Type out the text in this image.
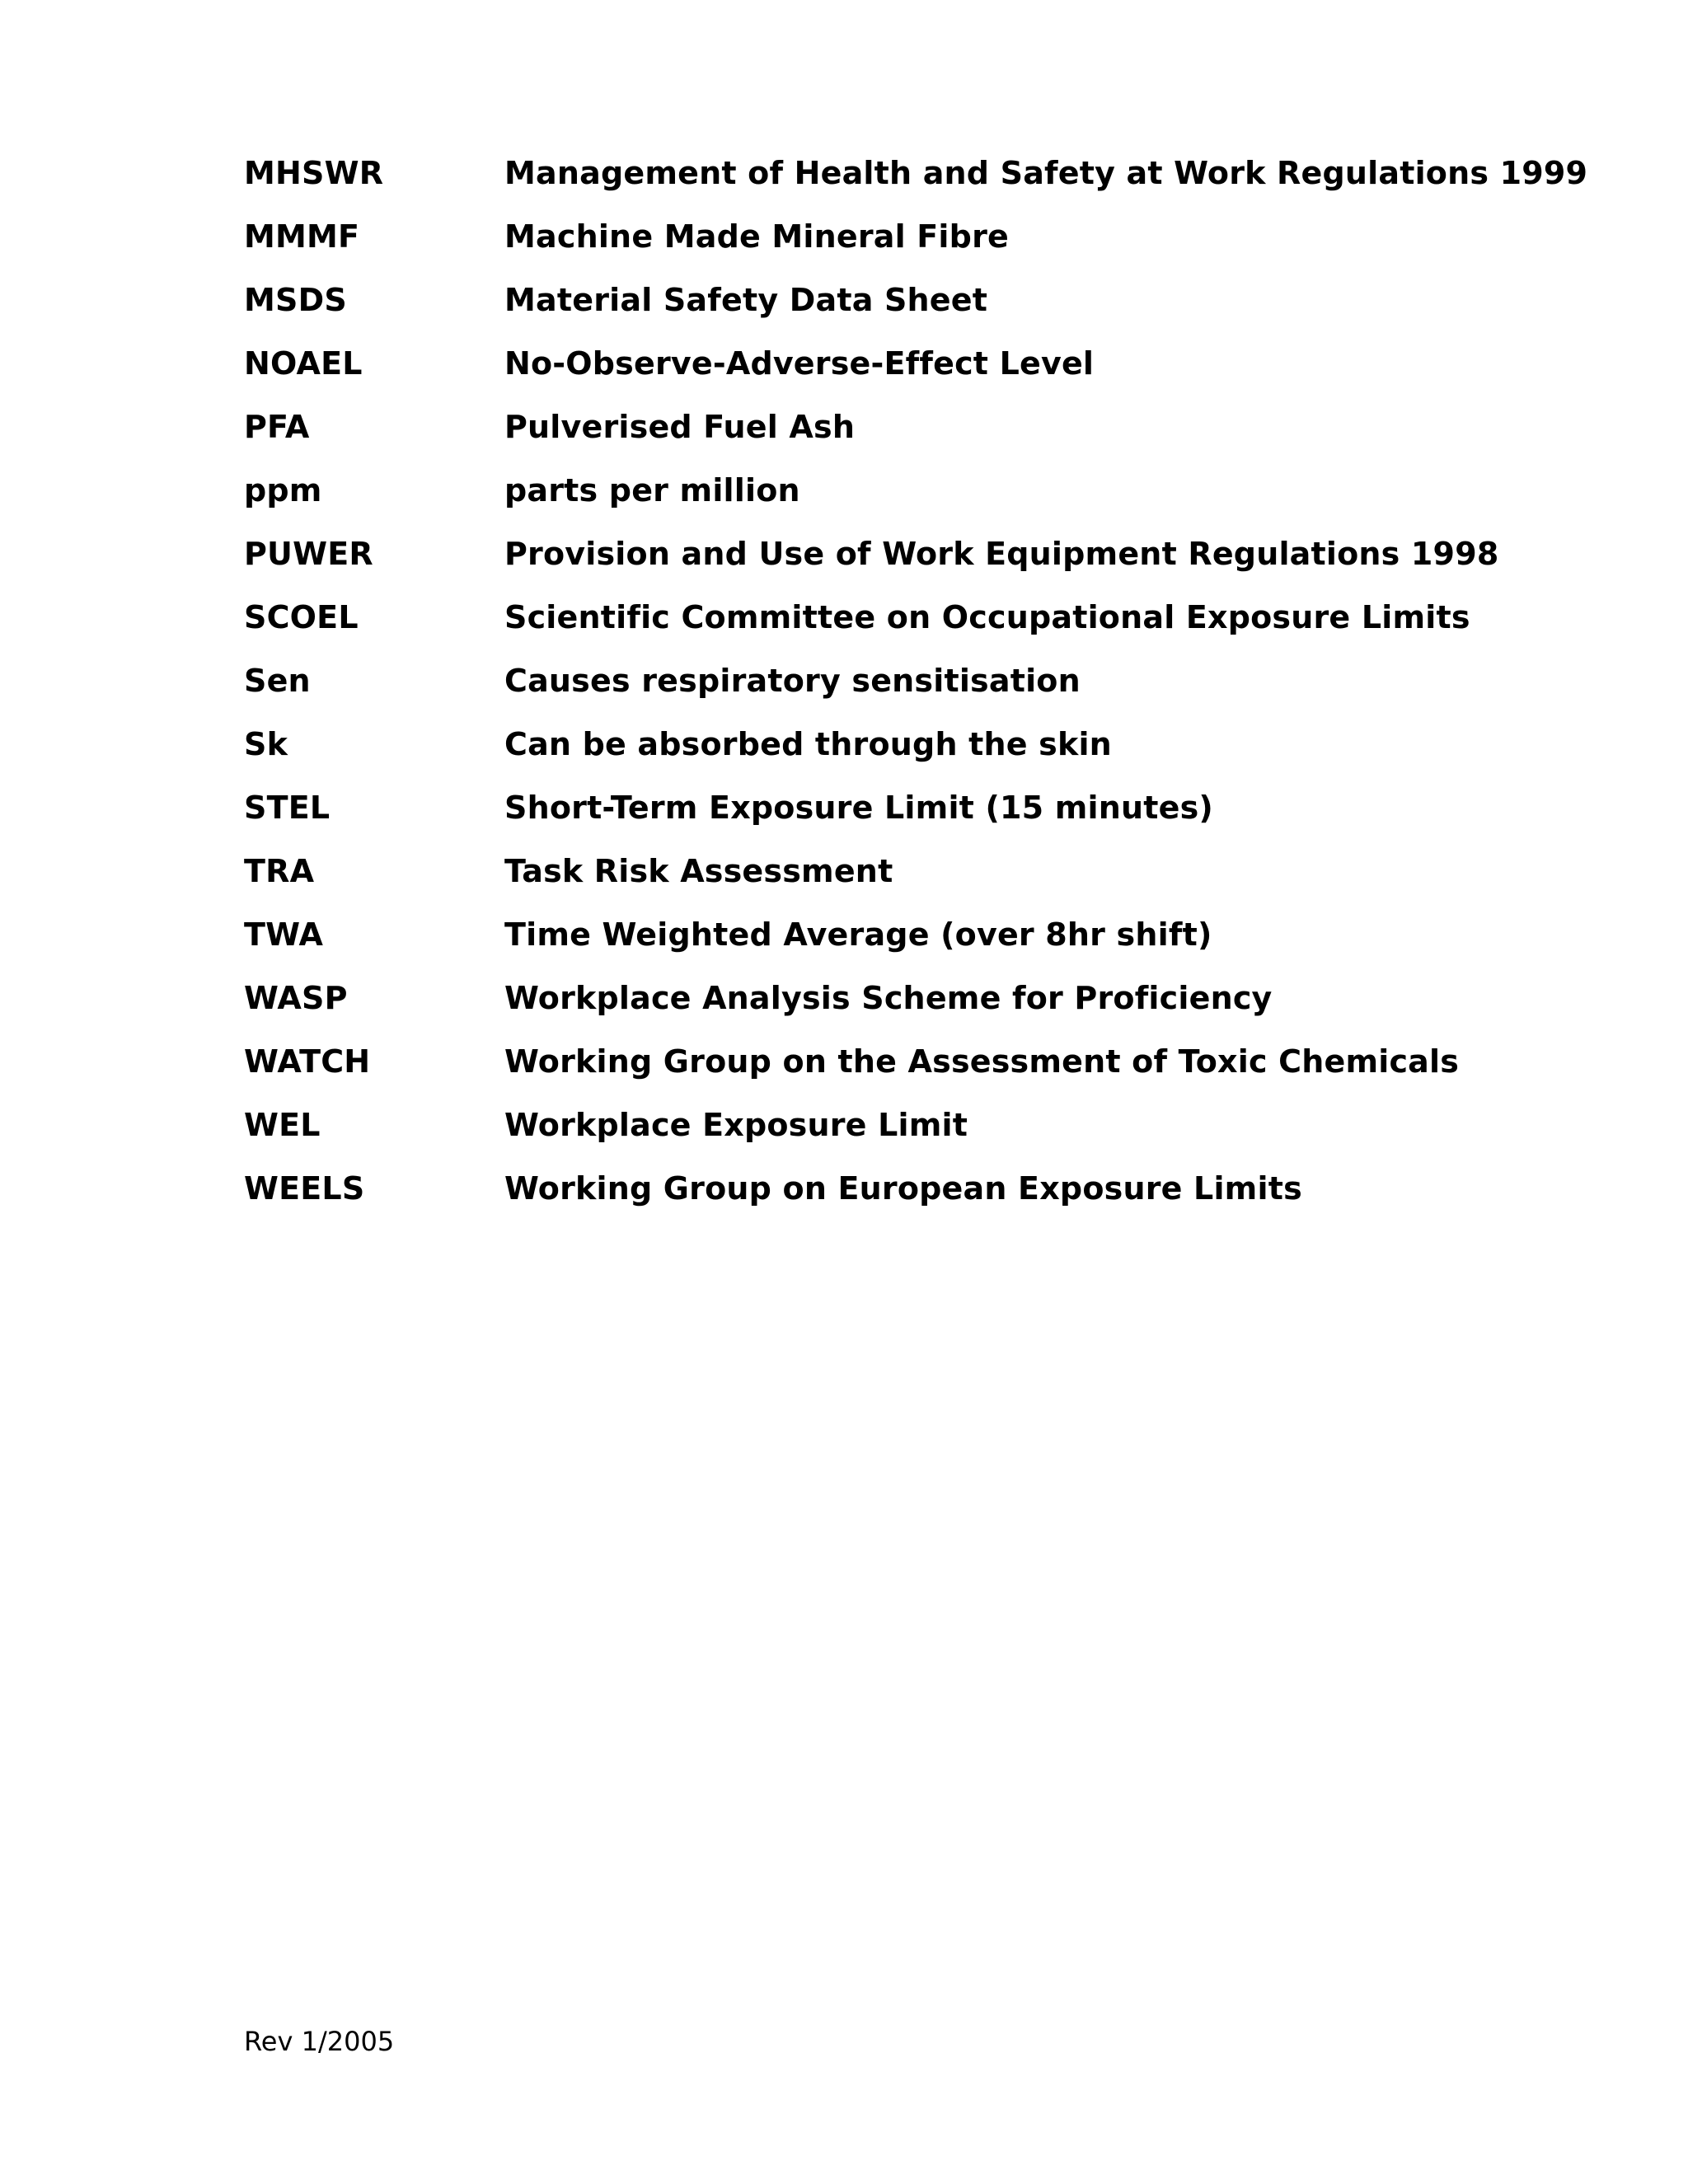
MHSWR	Management of Health and Safety at Work Regulations 1999
MMMF	Machine Made Mineral Fibre
MSDS	Material Safety Data Sheet
NOAEL	No-Observe-Adverse-Effect Level
PFA	Pulverised Fuel Ash
ppm	parts per million
PUWER	Provision and Use of Work Equipment Regulations 1998
SCOEL	Scientific Committee on Occupational Exposure Limits
Sen	Causes respiratory sensitisation
Sk	Can be absorbed through the skin
STEL	Short-Term Exposure Limit (15 minutes)
TRA	Task Risk Assessment
TWA	Time Weighted Average (over 8hr shift)
WASP	Workplace Analysis Scheme for Proficiency
WATCH	Working Group on the Assessment of Toxic Chemicals
WEL	Workplace Exposure Limit
WEELS	Working Group on European Exposure Limits
Rev 1/2005
